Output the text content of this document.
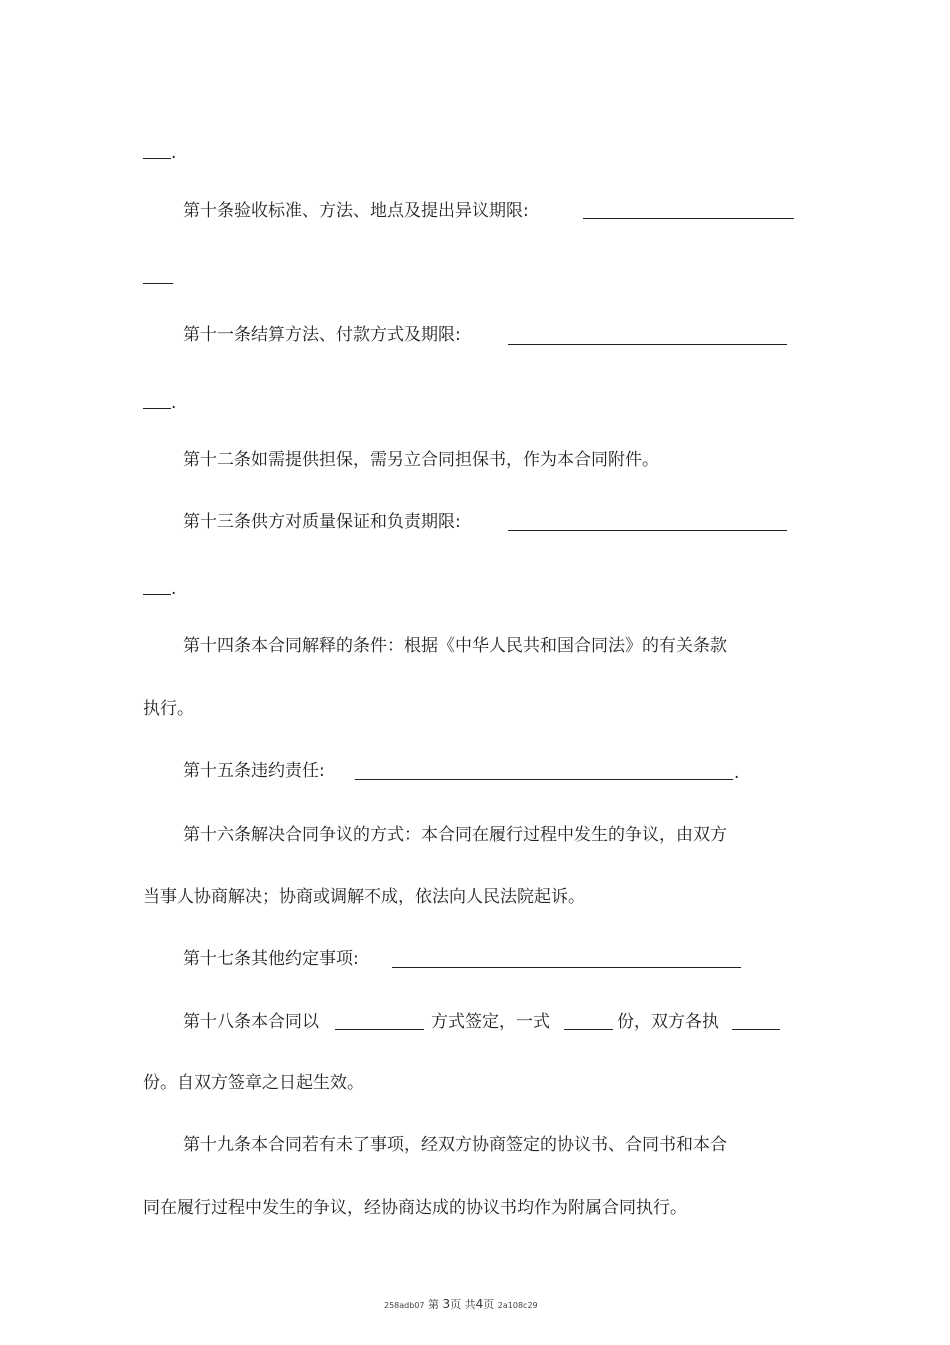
.
第十条验收标准、方法、地点及提出异议期限:
第十一条结算方法、付款方式及期限:
.
第十二条如需提供担保，需另立合同担保书，作为本合同附件。
第十三条供方对质量保证和负责期限:
.
第十四条本合同解释的条件：根据《中华人民共和国合同法》的有关条款
执行。
第十五条违约责任:	.
第十六条解决合同争议的方式：本合同在履行过程中发生的争议，由双方
当事人协商解决；协商或调解不成，依法向人民法院起诉。
第十七条其他约定事项:
第十八条本合同以	方式签定，一式	份，双方各执
份。自双方签章之日起生效。
第十九条本合同若有未了事项，经双方协商签定的协议书、合同书和本合
同在履行过程中发生的争议，经协商达成的协议书均作为附属合同执行。
258adb07 第 3页 共4页 2a108c29
